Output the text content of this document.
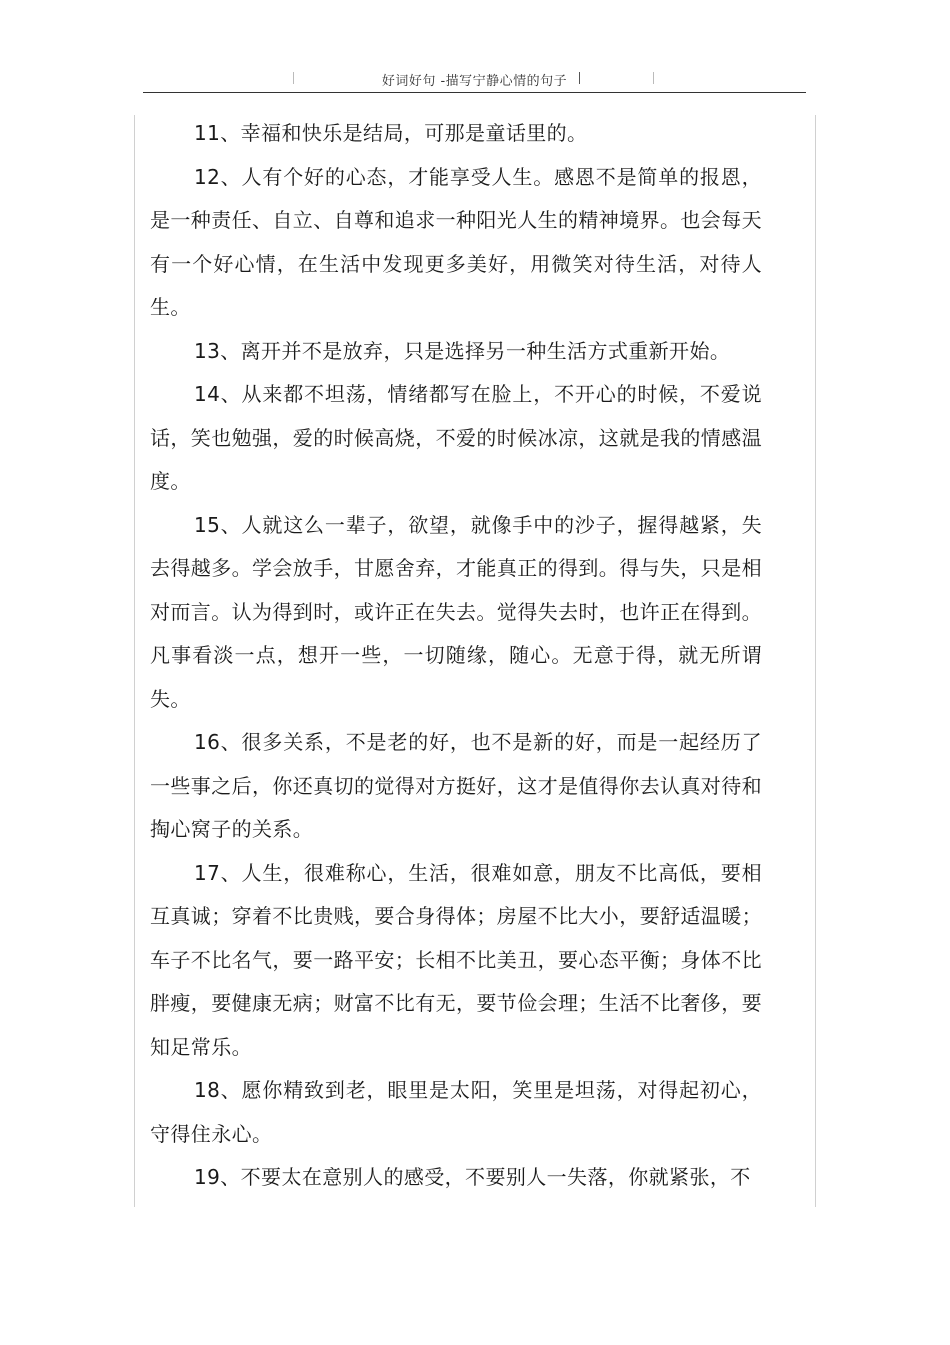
好词好句 -描写宁静心情的句子

11、幸福和快乐是结局，可那是童话里的。

12、人有个好的心态，才能享受人生。感恩不是简单的报恩，是一种责任、自立、自尊和追求一种阳光人生的精神境界。也会每天有一个好心情，在生活中发现更多美好，用微笑对待生活，对待人生。

13、离开并不是放弃，只是选择另一种生活方式重新开始。

14、从来都不坦荡，情绪都写在脸上，不开心的时候，不爱说话，笑也勉强，爱的时候高烧，不爱的时候冰凉，这就是我的情感温度。

15、人就这么一辈子，欲望，就像手中的沙子，握得越紧，失去得越多。学会放手，甘愿舍弃，才能真正的得到。得与失，只是相对而言。认为得到时，或许正在失去。觉得失去时，也许正在得到。凡事看淡一点，想开一些，一切随缘，随心。无意于得，就无所谓失。

16、很多关系，不是老的好，也不是新的好，而是一起经历了一些事之后，你还真切的觉得对方挺好，这才是值得你去认真对待和掏心窝子的关系。

17、人生，很难称心，生活，很难如意，朋友不比高低，要相互真诚；穿着不比贵贱，要合身得体；房屋不比大小，要舒适温暖；车子不比名气，要一路平安；长相不比美丑，要心态平衡；身体不比胖瘦，要健康无病；财富不比有无，要节俭会理；生活不比奢侈，要知足常乐。

18、愿你精致到老，眼里是太阳，笑里是坦荡，对得起初心，守得住永心。

19、不要太在意别人的感受，不要别人一失落，你就紧张，不
